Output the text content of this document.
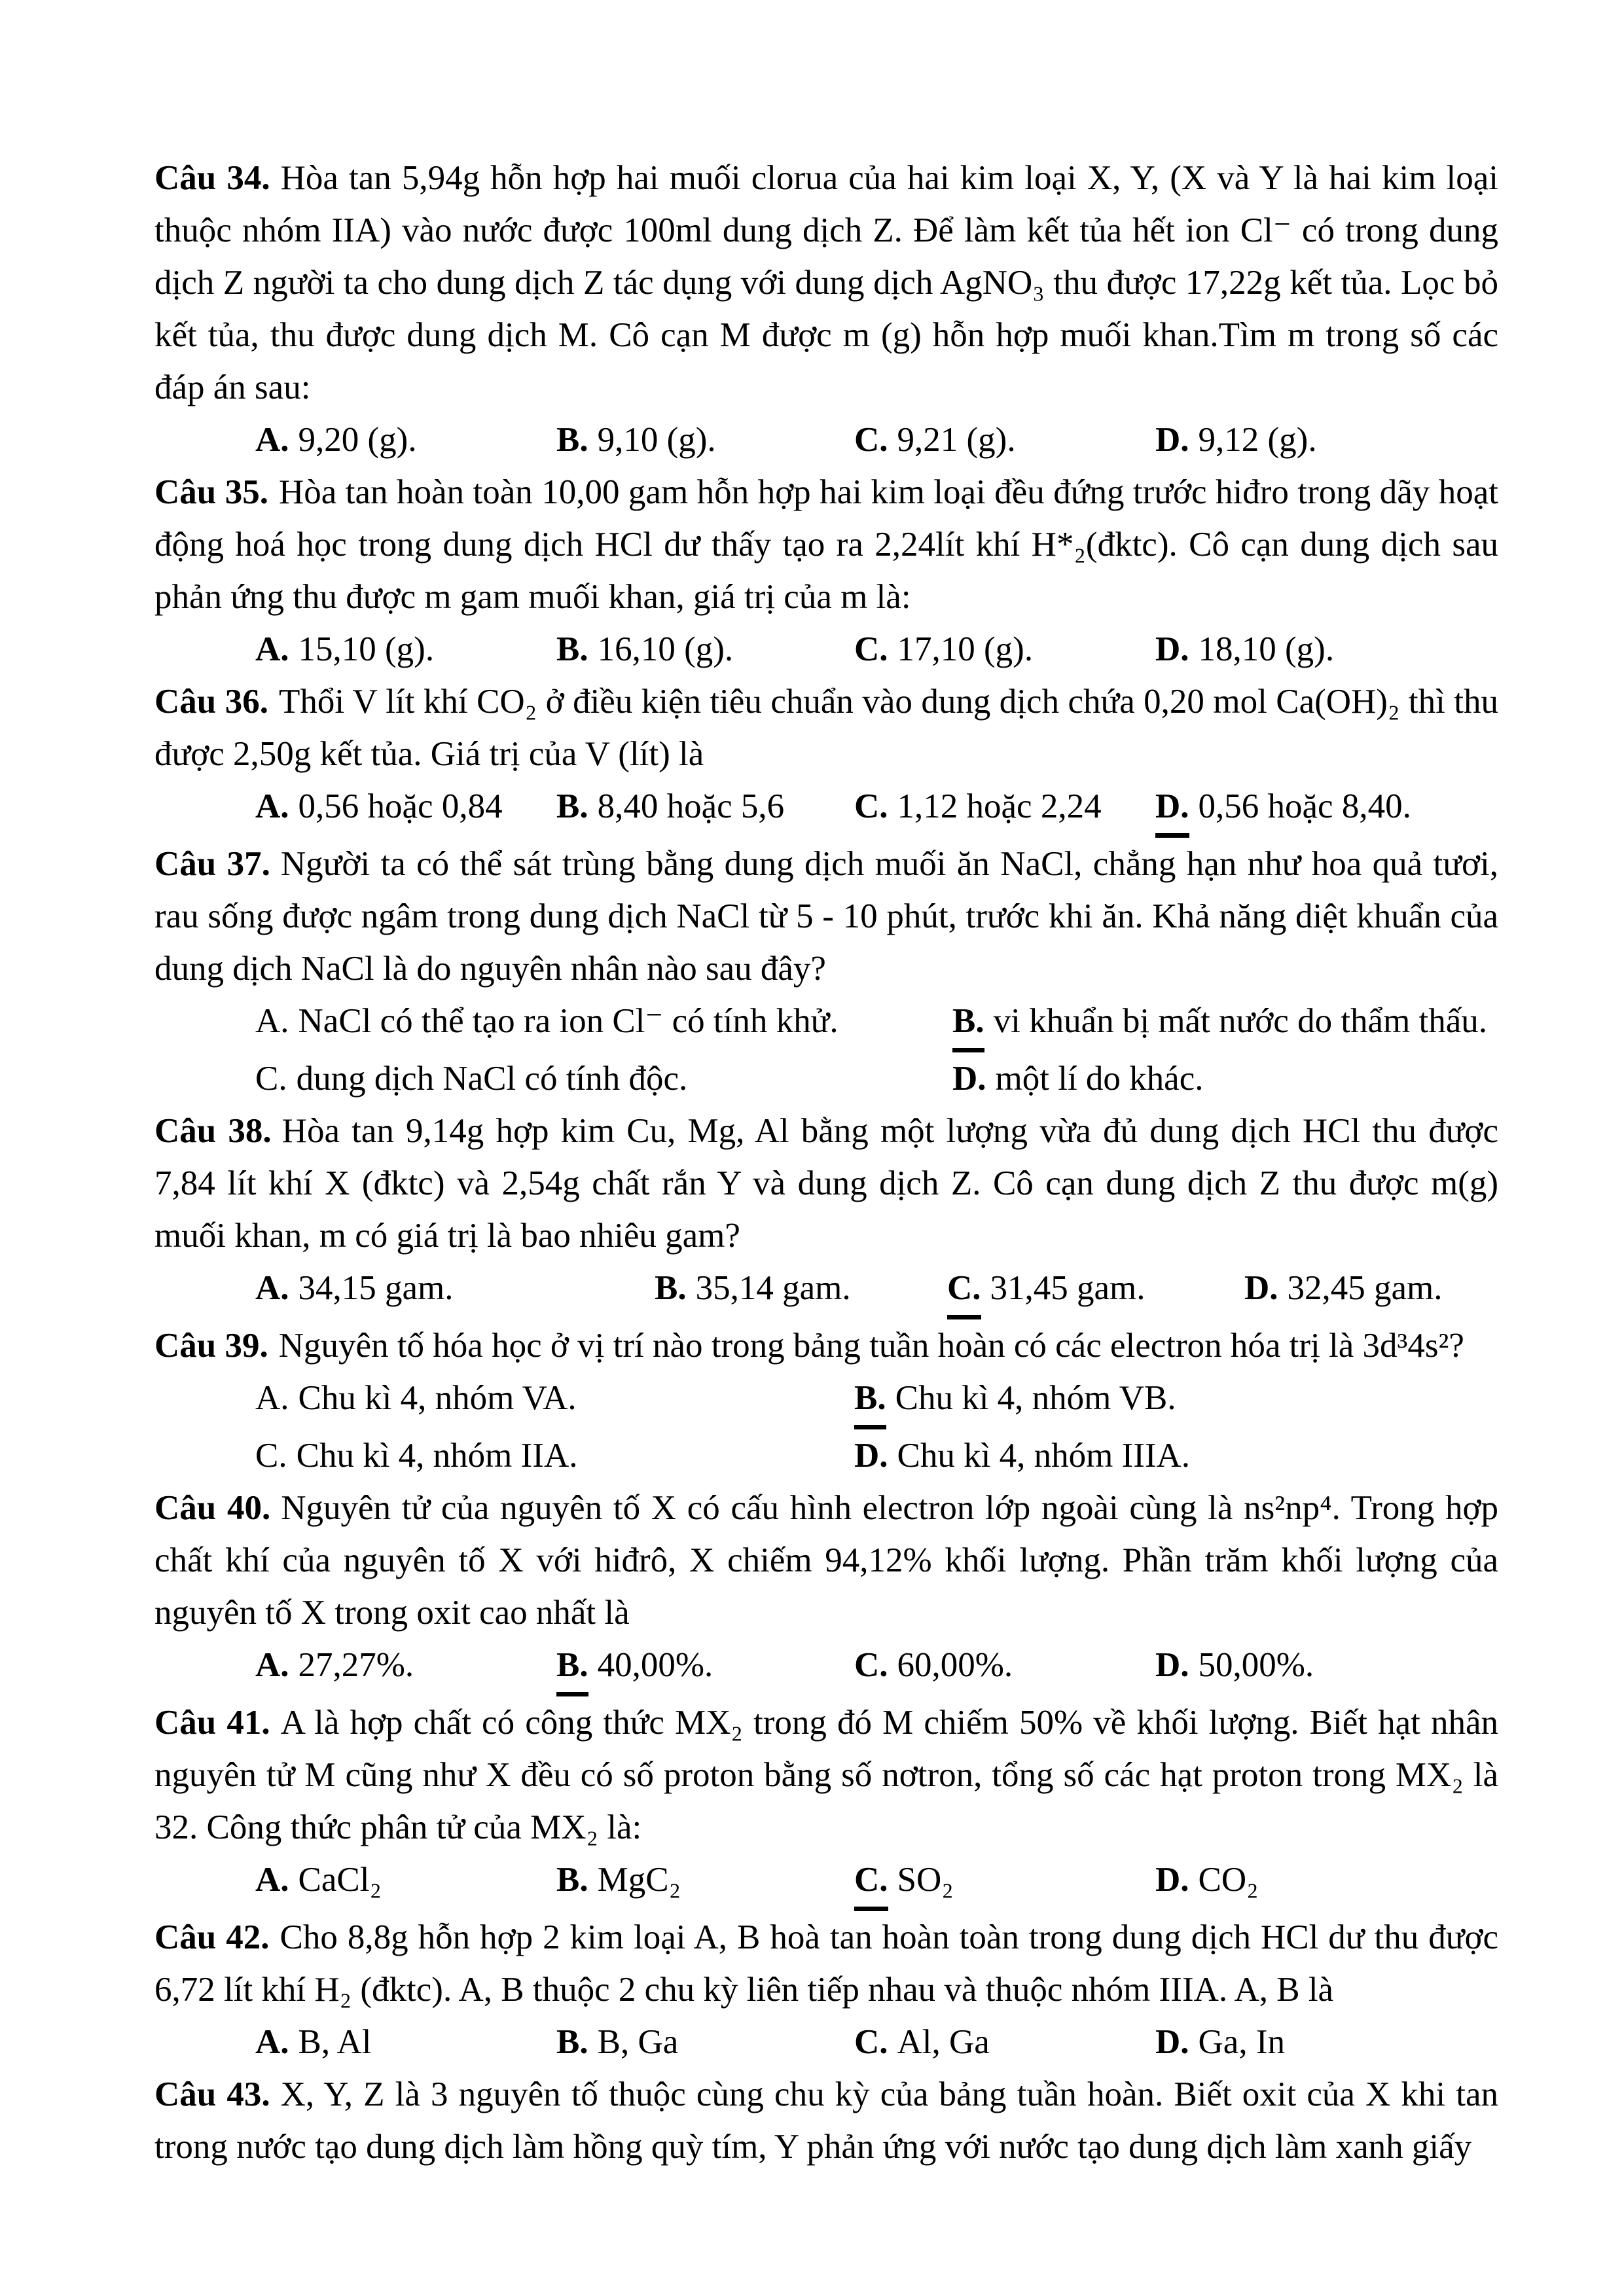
Câu 34. Hòa tan 5,94g hỗn hợp hai muối clorua của hai kim loại X, Y, (X và Y là hai kim loại thuộc nhóm IIA) vào nước được 100ml dung dịch Z. Để làm kết tủa hết ion Cl⁻ có trong dung dịch Z người ta cho dung dịch Z tác dụng với dung dịch AgNO₃ thu được 17,22g kết tủa. Lọc bỏ kết tủa, thu được dung dịch M. Cô cạn M được m (g) hỗn hợp muối khan.Tìm m trong số các đáp án sau:

A. 9,20 (g).	B. 9,10 (g).	C. 9,21 (g).	D. 9,12 (g).

Câu 35. Hòa tan hoàn toàn 10,00 gam hỗn hợp hai kim loại đều đứng trước hiđro trong dãy hoạt động hoá học trong dung dịch HCl dư thấy tạo ra 2,24lít khí H*₂(đktc). Cô cạn dung dịch sau phản ứng thu được m gam muối khan, giá trị của m là:

A. 15,10 (g).	B. 16,10 (g).	C. 17,10 (g).	D. 18,10 (g).

Câu 36. Thổi V lít khí CO₂ ở điều kiện tiêu chuẩn vào dung dịch chứa 0,20 mol Ca(OH)₂ thì thu được 2,50g kết tủa. Giá trị của V (lít) là

A. 0,56 hoặc 0,84	B. 8,40 hoặc 5,6	C. 1,12 hoặc 2,24	D. 0,56 hoặc 8,40.

Câu 37. Người ta có thể sát trùng bằng dung dịch muối ăn NaCl, chẳng hạn như hoa quả tươi, rau sống được ngâm trong dung dịch NaCl từ 5 - 10 phút, trước khi ăn. Khả năng diệt khuẩn của dung dịch NaCl là do nguyên nhân nào sau đây?

A. NaCl có thể tạo ra ion Cl⁻ có tính khử.	B. vi khuẩn bị mất nước do thẩm thấu.
C. dung dịch NaCl có tính độc.	D. một lí do khác.

Câu 38. Hòa tan 9,14g hợp kim Cu, Mg, Al bằng một lượng vừa đủ dung dịch HCl thu được 7,84 lít khí X (đktc) và 2,54g chất rắn Y và dung dịch Z. Cô cạn dung dịch Z thu được m(g) muối khan, m có giá trị là bao nhiêu gam?

A. 34,15 gam.	B. 35,14 gam.	C. 31,45 gam.	D. 32,45 gam.

Câu 39. Nguyên tố hóa học ở vị trí nào trong bảng tuần hoàn có các electron hóa trị là 3d³4s²?

A. Chu kì 4, nhóm VA.	B. Chu kì 4, nhóm VB.
C. Chu kì 4, nhóm IIA.	D. Chu kì 4, nhóm IIIA.

Câu 40. Nguyên tử của nguyên tố X có cấu hình electron lớp ngoài cùng là ns²np⁴. Trong hợp chất khí của nguyên tố X với hiđrô, X chiếm 94,12% khối lượng. Phần trăm khối lượng của nguyên tố X trong oxit cao nhất là

A. 27,27%.	B. 40,00%.	C. 60,00%.	D. 50,00%.

Câu 41. A là hợp chất có công thức MX₂ trong đó M chiếm 50% về khối lượng. Biết hạt nhân nguyên tử M cũng như X đều có số proton bằng số nơtron, tổng số các hạt proton trong MX₂ là 32. Công thức phân tử của MX₂ là:

A. CaCl₂	B. MgC₂	C. SO₂	D. CO₂

Câu 42. Cho 8,8g hỗn hợp 2 kim loại A, B hoà tan hoàn toàn trong dung dịch HCl dư thu được 6,72 lít khí H₂ (đktc). A, B thuộc 2 chu kỳ liên tiếp nhau và thuộc nhóm IIIA. A, B là

A. B, Al	B. B, Ga	C. Al, Ga	D. Ga, In

Câu 43. X, Y, Z là 3 nguyên tố thuộc cùng chu kỳ của bảng tuần hoàn. Biết oxit của X khi tan trong nước tạo dung dịch làm hồng quỳ tím, Y phản ứng với nước tạo dung dịch làm xanh giấy
